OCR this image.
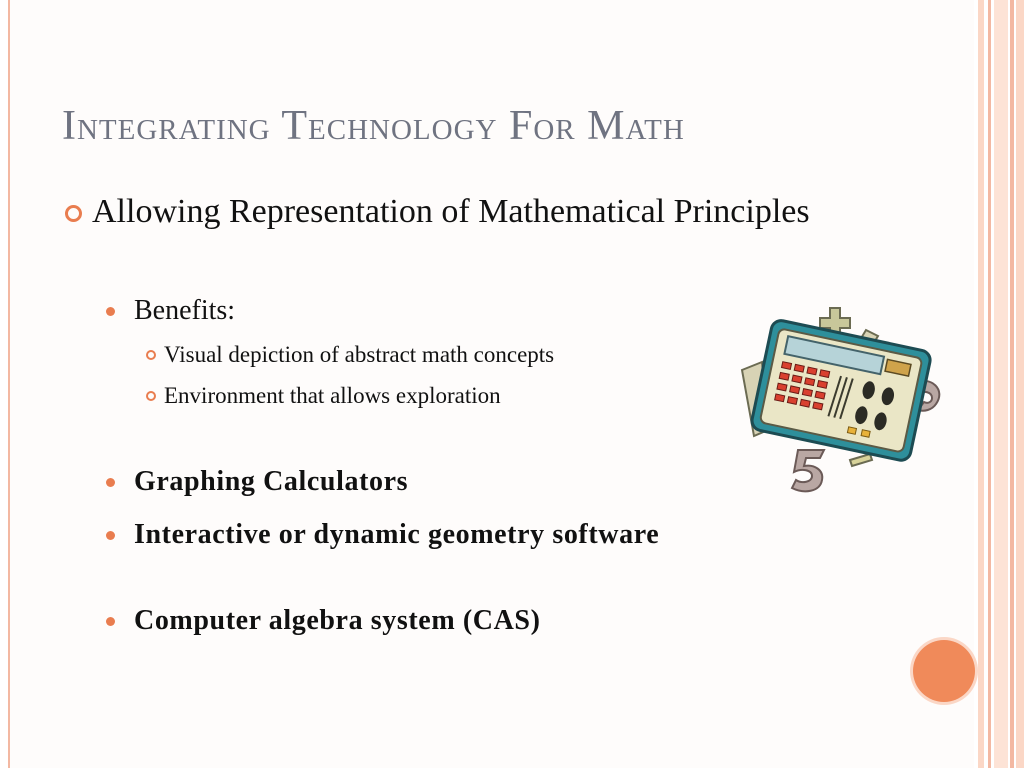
Integrating Technology For Math
Allowing Representation of Mathematical Principles
Benefits:
Visual depiction of abstract math concepts
Environment that allows exploration
Graphing Calculators
Interactive or dynamic geometry software
Computer algebra system (CAS)
